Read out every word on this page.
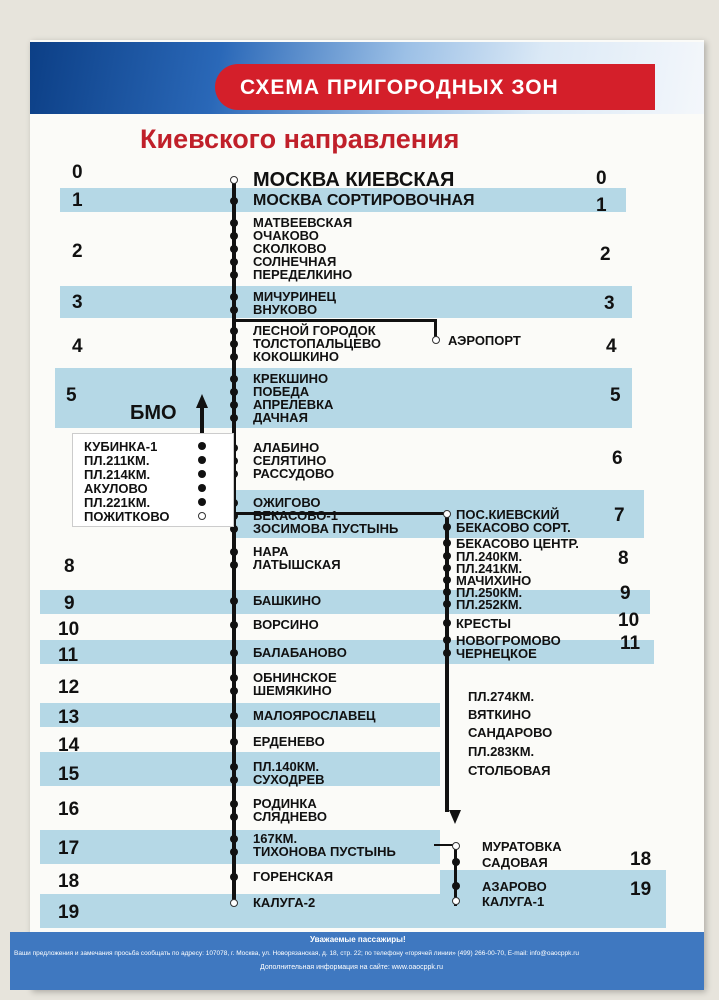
СХЕМА ПРИГОРОДНЫХ ЗОН
Киевского направления
0
1
2
3
4
5
8
9
10
11
12
13
14
15
16
17
18
19
0
1
2
3
4
5
6
7
8
9
10
11
18
19
МОСКВА КИЕВСКАЯ
МОСКВА СОРТИРОВОЧНАЯ
МАТВЕЕВСКАЯ
ОЧАКОВО
СКОЛКОВО
СОЛНЕЧНАЯ
ПЕРЕДЕЛКИНО
МИЧУРИНЕЦ
ВНУКОВО
ЛЕСНОЙ ГОРОДОК
ТОЛСТОПАЛЬЦЕВО
КОКОШКИНО
КРЕКШИНО
ПОБЕДА
АПРЕЛЕВКА
ДАЧНАЯ
АЛАБИНО
СЕЛЯТИНО
РАССУДОВО
ОЖИГОВО
БЕКАСОВО-1
ЗОСИМОВА ПУСТЫНЬ
НАРА
ЛАТЫШСКАЯ
БАШКИНО
ВОРСИНО
БАЛАБАНОВО
ОБНИНСКОЕ
ШЕМЯКИНО
МАЛОЯРОСЛАВЕЦ
ЕРДЕНЕВО
ПЛ.140КМ.
СУХОДРЕВ
РОДИНКА
СЛЯДНЕВО
167КМ.
ТИХОНОВА ПУСТЫНЬ
ГОРЕНСКАЯ
КАЛУГА-2
АЭРОПОРТ
БМО
КУБИНКА-1
ПЛ.211КМ.
ПЛ.214КМ.
АКУЛОВО
ПЛ.221КМ.
ПОЖИТКОВО	ПОС.КИЕВСКИЙ
БЕКАСОВО СОРТ.
БЕКАСОВО ЦЕНТР.
ПЛ.240КМ.
ПЛ.241КМ.
МАЧИХИНО
ПЛ.250КМ.
ПЛ.252КМ.
КРЕСТЫ
НОВОГРОМОВО
ЧЕРНЕЦКОЕ
ПЛ.274КМ.
ВЯТКИНО
САНДАРОВО
ПЛ.283КМ.
СТОЛБОВАЯ
МУРАТОВКА
САДОВАЯ
АЗАРОВО
КАЛУГА-1
Уважаемые пассажиры!
Ваши предложения и замечания просьба сообщать по адресу: 107078, г. Москва, ул. Новорязанская, д. 18, стр. 22; по телефону «горячей линии» (499) 266-00-70, E-mail: info@oaocppk.ru
Дополнительная информация на сайте: www.oaocppk.ru
